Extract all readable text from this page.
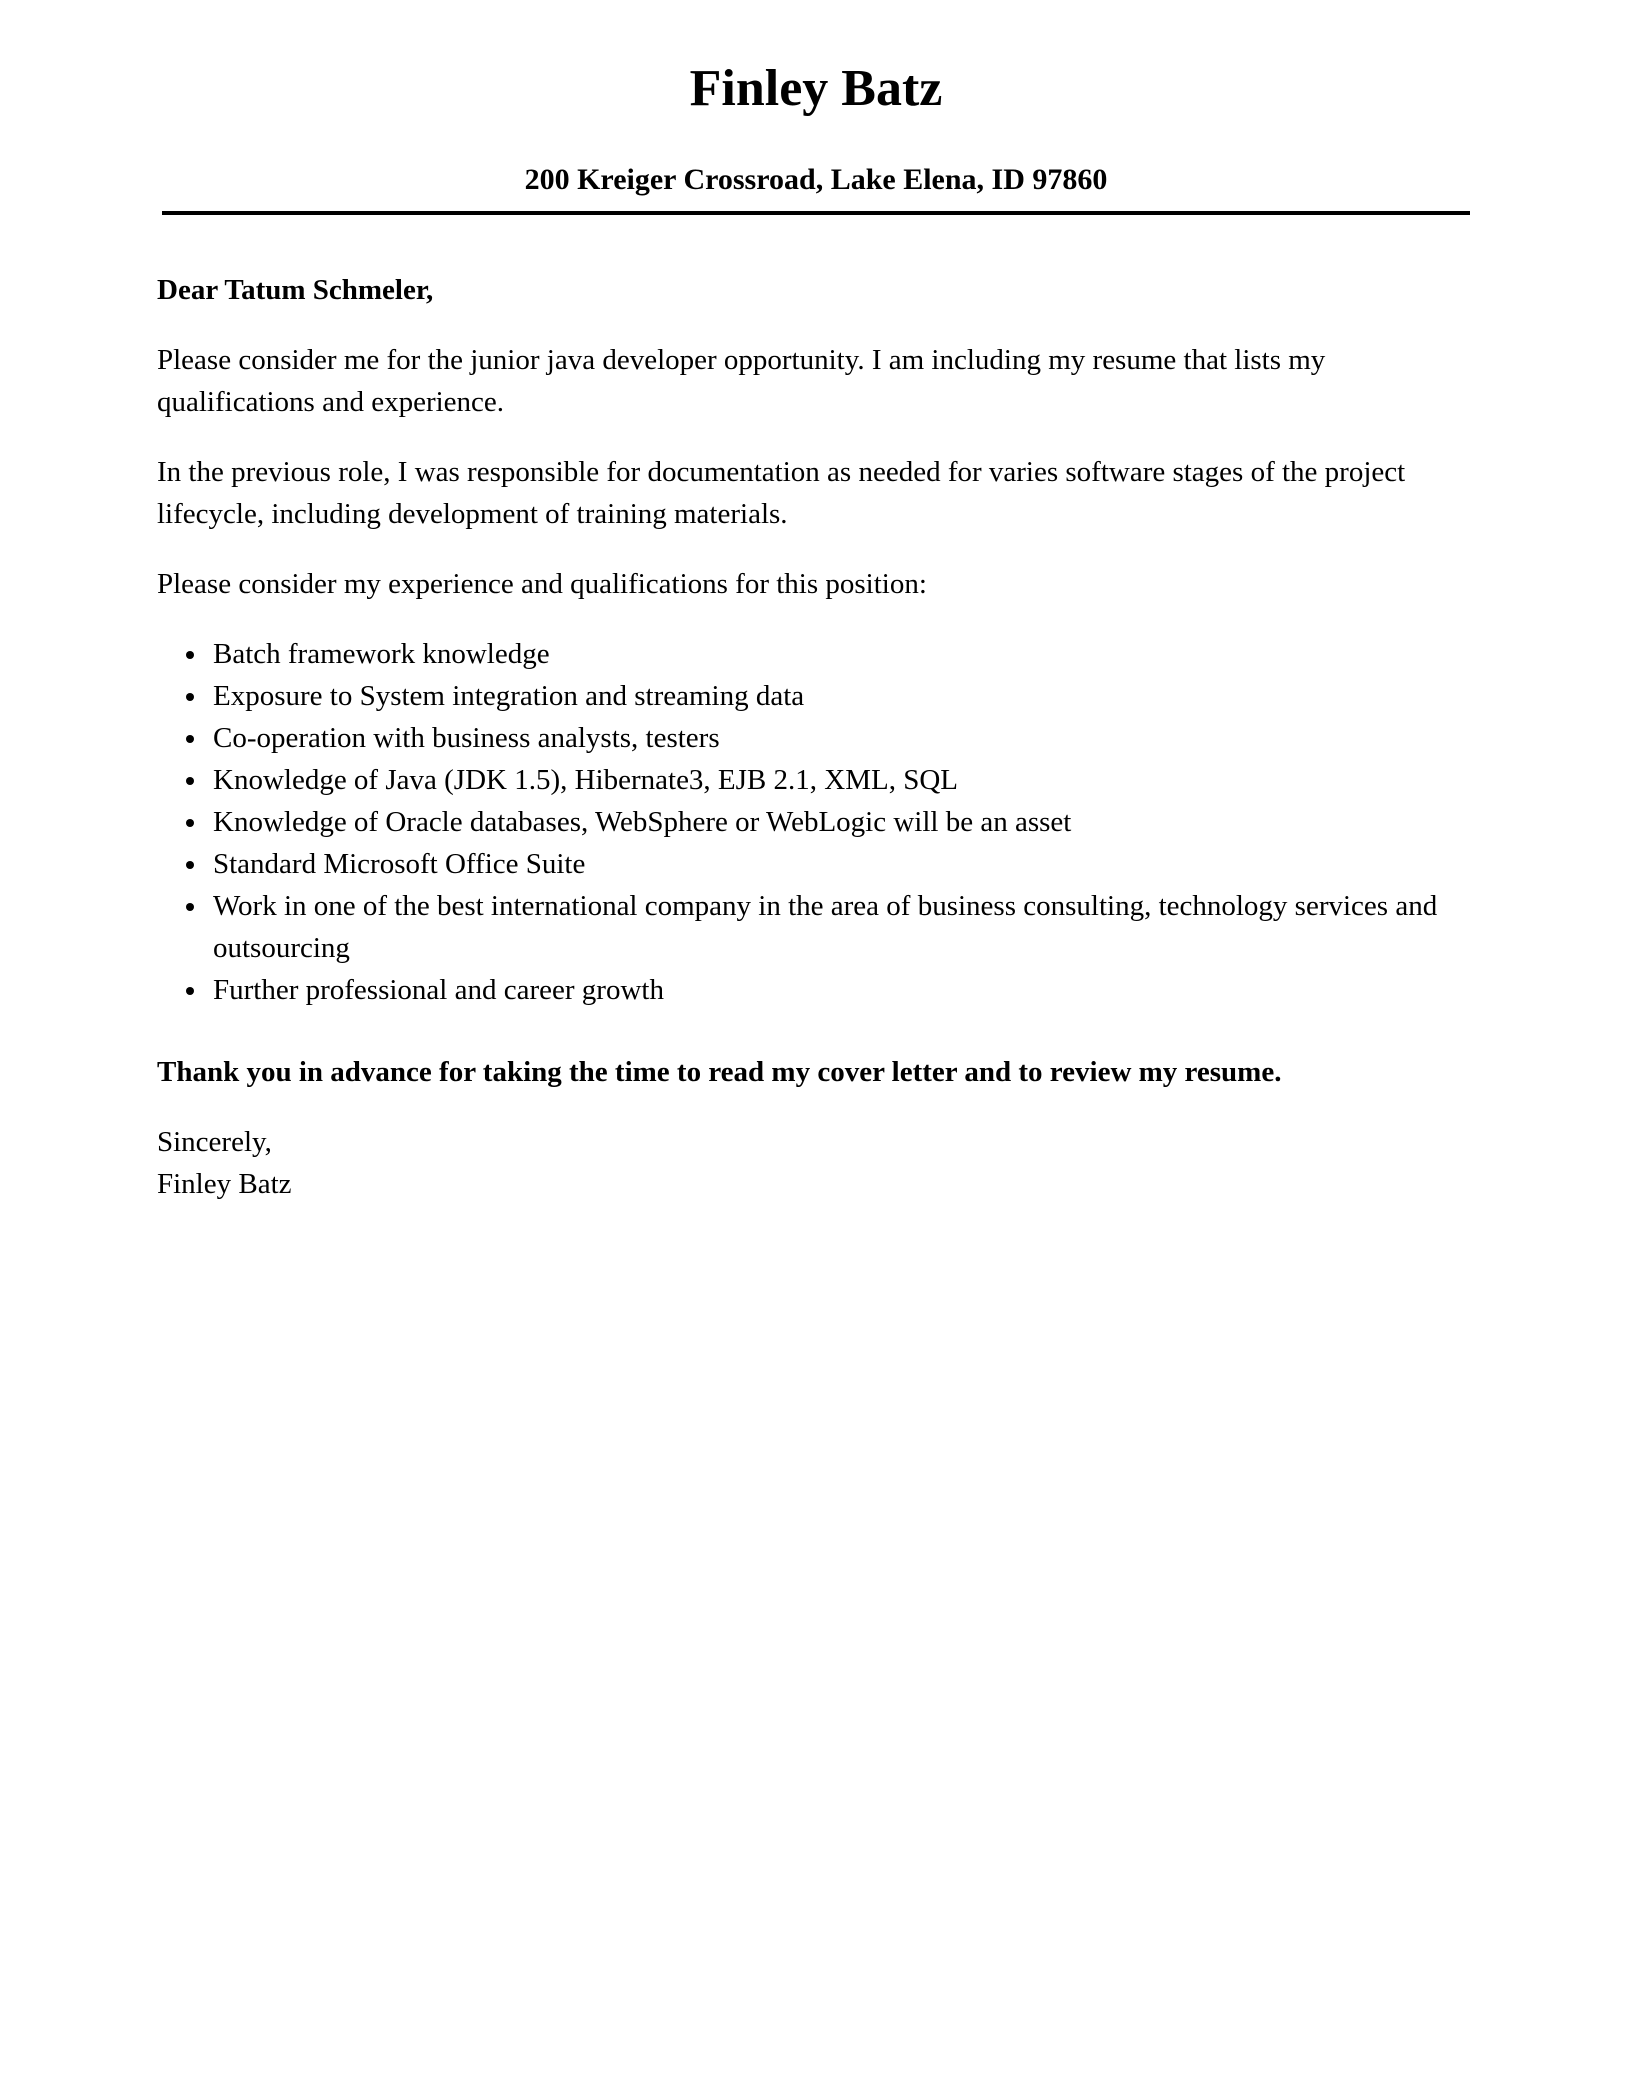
Finley Batz
200 Kreiger Crossroad, Lake Elena, ID 97860
Dear Tatum Schmeler,

Please consider me for the junior java developer opportunity. I am including my resume that lists my qualifications and experience.

In the previous role, I was responsible for documentation as needed for varies software stages of the project lifecycle, including development of training materials.

Please consider my experience and qualifications for this position:

• Batch framework knowledge
• Exposure to System integration and streaming data
• Co-operation with business analysts, testers
• Knowledge of Java (JDK 1.5), Hibernate3, EJB 2.1, XML, SQL
• Knowledge of Oracle databases, WebSphere or WebLogic will be an asset
• Standard Microsoft Office Suite
• Work in one of the best international company in the area of business consulting, technology services and outsourcing
• Further professional and career growth

Thank you in advance for taking the time to read my cover letter and to review my resume.

Sincerely,
Finley Batz
